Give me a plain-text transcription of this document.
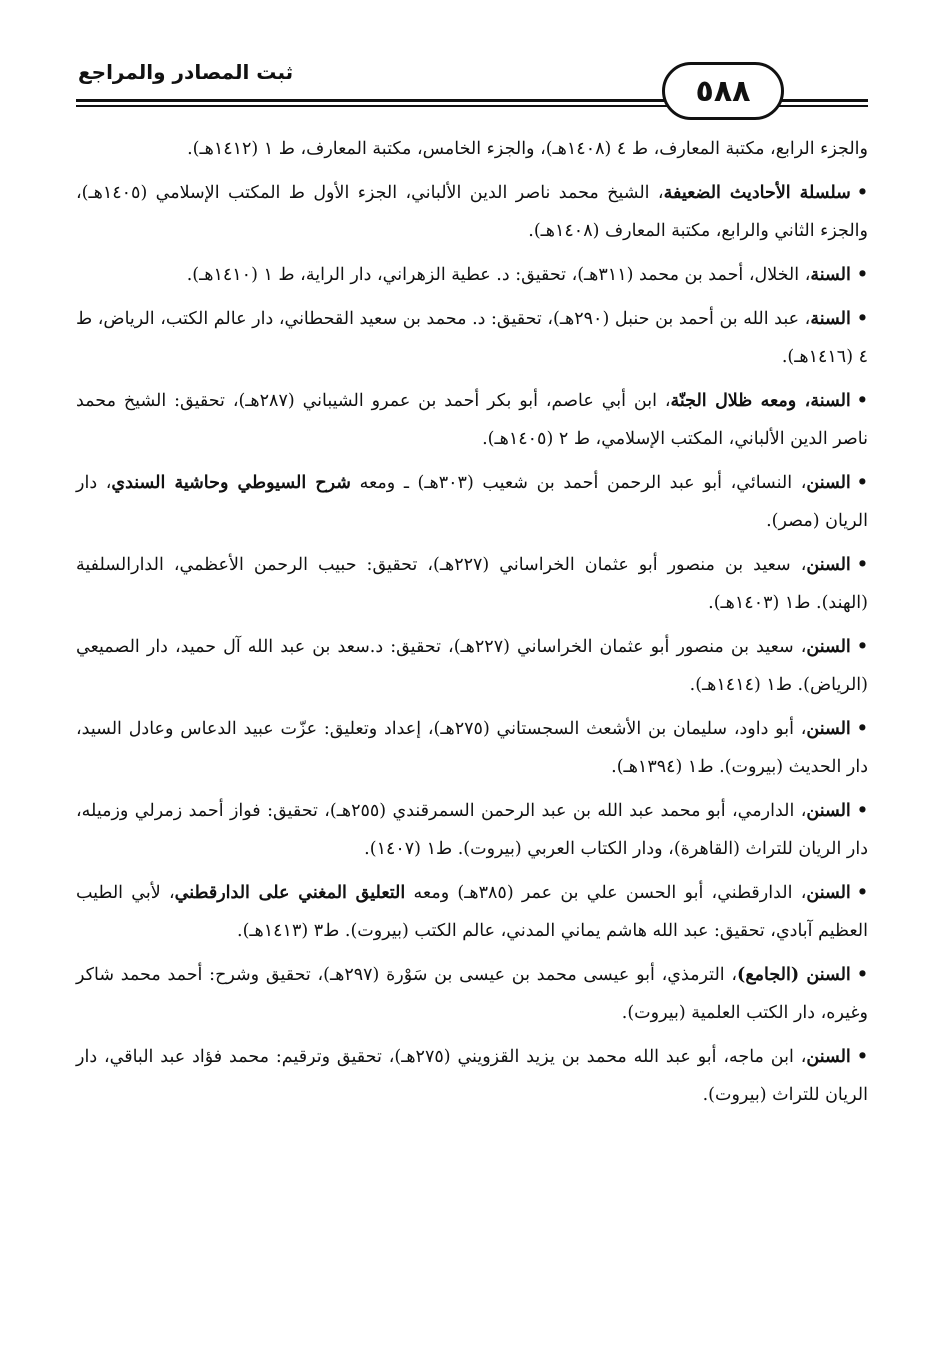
ثبت المصادر والمراجع
٥٨٨

والجزء الرابع، مكتبة المعارف، ط ٤ (١٤٠٨هـ)، والجزء الخامس، مكتبة المعارف، ط ١ (١٤١٢هـ).

•سلسلة الأحاديث الضعيفة، الشيخ محمد ناصر الدين الألباني، الجزء الأول ط المكتب الإسلامي (١٤٠٥هـ)، والجزء الثاني والرابع، مكتبة المعارف (١٤٠٨هـ).

•السنة، الخلال، أحمد بن محمد (٣١١هـ)، تحقيق: د. عطية الزهراني، دار الراية، ط ١ (١٤١٠هـ).

•السنة، عبد الله بن أحمد بن حنبل (٢٩٠هـ)، تحقيق: د. محمد بن سعيد القحطاني، دار عالم الكتب، الرياض، ط ٤ (١٤١٦هـ).

•السنة، ومعه ظلال الجنّة، ابن أبي عاصم، أبو بكر أحمد بن عمرو الشيباني (٢٨٧هـ)، تحقيق: الشيخ محمد ناصر الدين الألباني، المكتب الإسلامي، ط ٢ (١٤٠٥هـ).

•السنن، النسائي، أبو عبد الرحمن أحمد بن شعيب (٣٠٣هـ) ـ ومعه شرح السيوطي وحاشية السندي، دار الريان (مصر).

•السنن، سعيد بن منصور أبو عثمان الخراساني (٢٢٧هـ)، تحقيق: حبيب الرحمن الأعظمي، الدارالسلفية (الهند). ط١ (١٤٠٣هـ).

•السنن، سعيد بن منصور أبو عثمان الخراساني (٢٢٧هـ)، تحقيق: د.سعد بن عبد الله آل حميد، دار الصميعي (الرياض). ط١ (١٤١٤هـ).

•السنن، أبو داود، سليمان بن الأشعث السجستاني (٢٧٥هـ)، إعداد وتعليق: عزّت عبيد الدعاس وعادل السيد، دار الحديث (بيروت). ط١ (١٣٩٤هـ).

•السنن، الدارمي، أبو محمد عبد الله بن عبد الرحمن السمرقندي (٢٥٥هـ)، تحقيق: فواز أحمد زمرلي وزميله، دار الريان للتراث (القاهرة)، ودار الكتاب العربي (بيروت). ط١ (١٤٠٧).

•السنن، الدارقطني، أبو الحسن علي بن عمر (٣٨٥هـ) ومعه التعليق المغني على الدارقطني، لأبي الطيب العظيم آبادي، تحقيق: عبد الله هاشم يماني المدني، عالم الكتب (بيروت). ط٣ (١٤١٣هـ).

•السنن (الجامع)، الترمذي، أبو عيسى محمد بن عيسى بن سَوْرة (٢٩٧هـ)، تحقيق وشرح: أحمد محمد شاكر وغيره، دار الكتب العلمية (بيروت).

•السنن، ابن ماجه، أبو عبد الله محمد بن يزيد القزويني (٢٧٥هـ)، تحقيق وترقيم: محمد فؤاد عبد الباقي، دار الريان للتراث (بيروت).
